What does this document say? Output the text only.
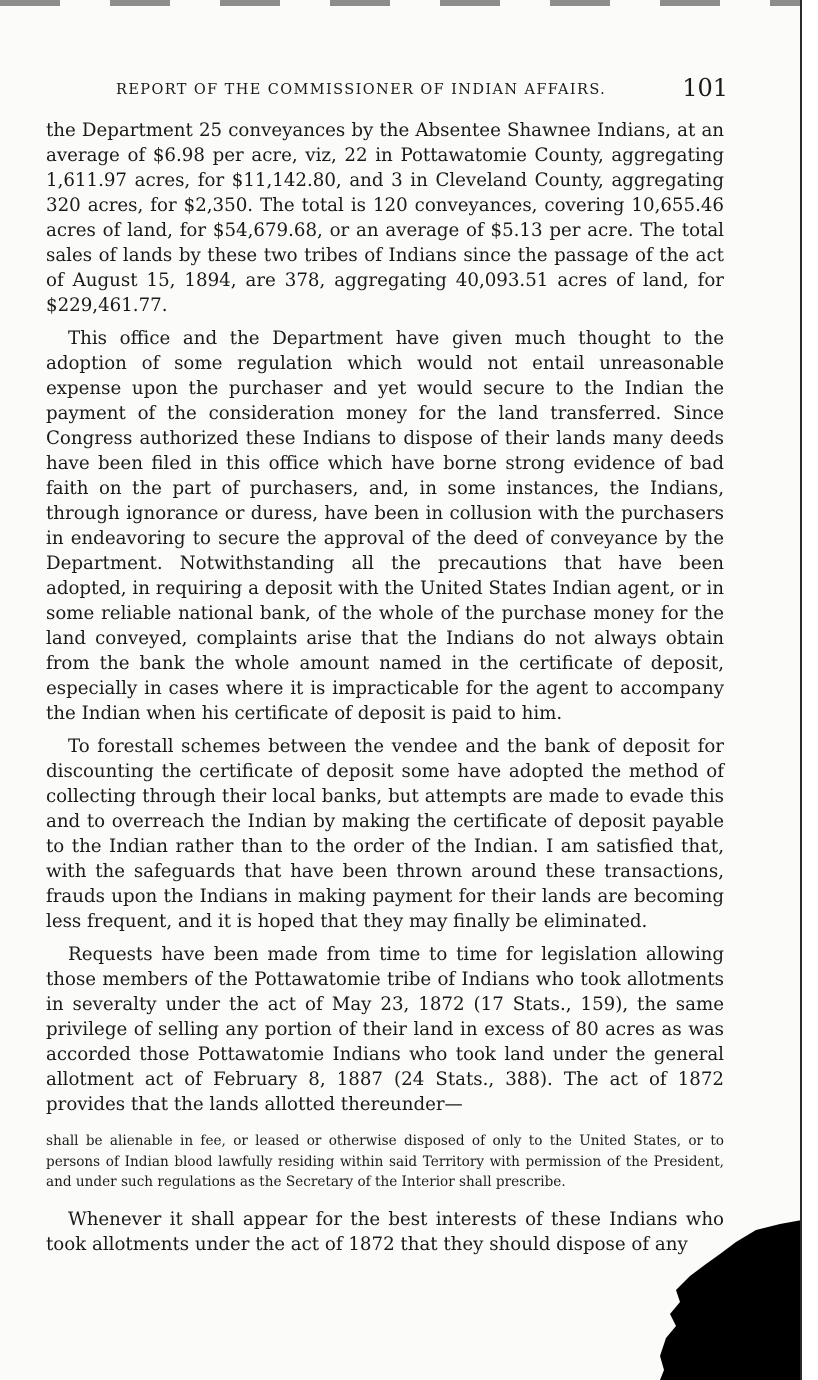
REPORT OF THE COMMISSIONER OF INDIAN AFFAIRS.	101

the Department 25 conveyances by the Absentee Shawnee Indians, at an average of $6.98 per acre, viz, 22 in Pottawatomie County, aggregating 1,611.97 acres, for $11,142.80, and 3 in Cleveland County, aggregating 320 acres, for $2,350. The total is 120 conveyances, covering 10,655.46 acres of land, for $54,679.68, or an average of $5.13 per acre. The total sales of lands by these two tribes of Indians since the passage of the act of August 15, 1894, are 378, aggregating 40,093.51 acres of land, for $229,461.77.

This office and the Department have given much thought to the adoption of some regulation which would not entail unreasonable expense upon the purchaser and yet would secure to the Indian the payment of the consideration money for the land transferred. Since Congress authorized these Indians to dispose of their lands many deeds have been filed in this office which have borne strong evidence of bad faith on the part of purchasers, and, in some instances, the Indians, through ignorance or duress, have been in collusion with the purchasers in endeavoring to secure the approval of the deed of conveyance by the Department. Notwithstanding all the precautions that have been adopted, in requiring a deposit with the United States Indian agent, or in some reliable national bank, of the whole of the purchase money for the land conveyed, complaints arise that the Indians do not always obtain from the bank the whole amount named in the certificate of deposit, especially in cases where it is impracticable for the agent to accompany the Indian when his certificate of deposit is paid to him.

To forestall schemes between the vendee and the bank of deposit for discounting the certificate of deposit some have adopted the method of collecting through their local banks, but attempts are made to evade this and to overreach the Indian by making the certificate of deposit payable to the Indian rather than to the order of the Indian. I am satisfied that, with the safeguards that have been thrown around these transactions, frauds upon the Indians in making payment for their lands are becoming less frequent, and it is hoped that they may finally be eliminated.

Requests have been made from time to time for legislation allowing those members of the Pottawatomie tribe of Indians who took allotments in severalty under the act of May 23, 1872 (17 Stats., 159), the same privilege of selling any portion of their land in excess of 80 acres as was accorded those Pottawatomie Indians who took land under the general allotment act of February 8, 1887 (24 Stats., 388). The act of 1872 provides that the lands allotted thereunder—

shall be alienable in fee, or leased or otherwise disposed of only to the United States, or to persons of Indian blood lawfully residing within said Territory with permission of the President, and under such regulations as the Secretary of the Interior shall prescribe.

Whenever it shall appear for the best interests of these Indians who took allotments under the act of 1872 that they should dispose of any
